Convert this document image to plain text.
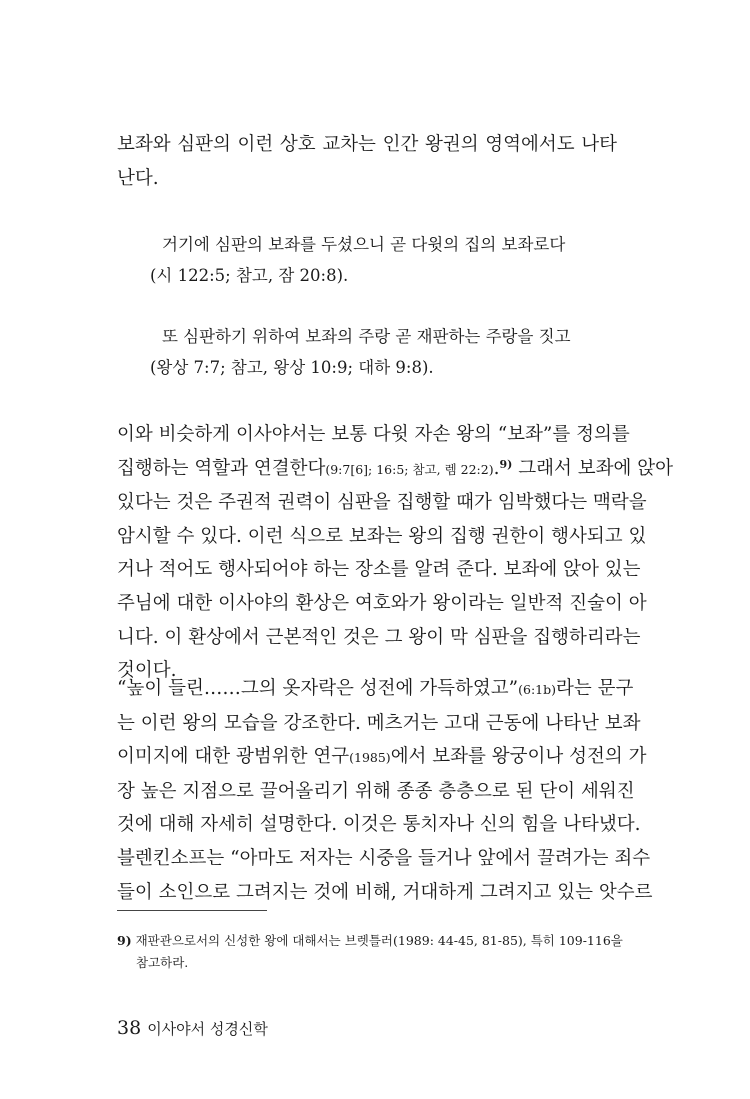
보좌와 심판의 이런 상호 교차는 인간 왕권의 영역에서도 나타
난다.
거기에 심판의 보좌를 두셨으니 곧 다윗의 집의 보좌로다
(시 122:5; 참고, 잠 20:8).
또 심판하기 위하여 보좌의 주랑 곧 재판하는 주랑을 짓고
(왕상 7:7; 참고, 왕상 10:9; 대하 9:8).
이와 비슷하게 이사야서는 보통 다윗 자손 왕의 “보좌”를 정의를
집행하는 역할과 연결한다(9:7[6]; 16:5; 참고, 렘 22:2).$^{9)}$ 그래서 보좌에 앉아
있다는 것은 주권적 권력이 심판을 집행할 때가 임박했다는 맥락을
암시할 수 있다. 이런 식으로 보좌는 왕의 집행 권한이 행사되고 있
거나 적어도 행사되어야 하는 장소를 알려 준다. 보좌에 앉아 있는
주님에 대한 이사야의 환상은 여호와가 왕이라는 일반적 진술이 아
니다. 이 환상에서 근본적인 것은 그 왕이 막 심판을 집행하리라는
것이다.
“높이 들린……그의 옷자락은 성전에 가득하였고”(6:1b)라는 문구
는 이런 왕의 모습을 강조한다. 메츠거는 고대 근동에 나타난 보좌
이미지에 대한 광범위한 연구(1985)에서 보좌를 왕궁이나 성전의 가
장 높은 지점으로 끌어올리기 위해 종종 층층으로 된 단이 세워진
것에 대해 자세히 설명한다. 이것은 통치자나 신의 힘을 나타냈다.
블렌킨소프는 “아마도 저자는 시중을 들거나 앞에서 끌려가는 죄수
들이 소인으로 그려지는 것에 비해, 거대하게 그려지고 있는 앗수르
9) 재판관으로서의 신성한 왕에 대해서는 브렛틀러(1989: 44-45, 81-85), 특히 109-116을
참고하라.
38 이사야서 성경신학
